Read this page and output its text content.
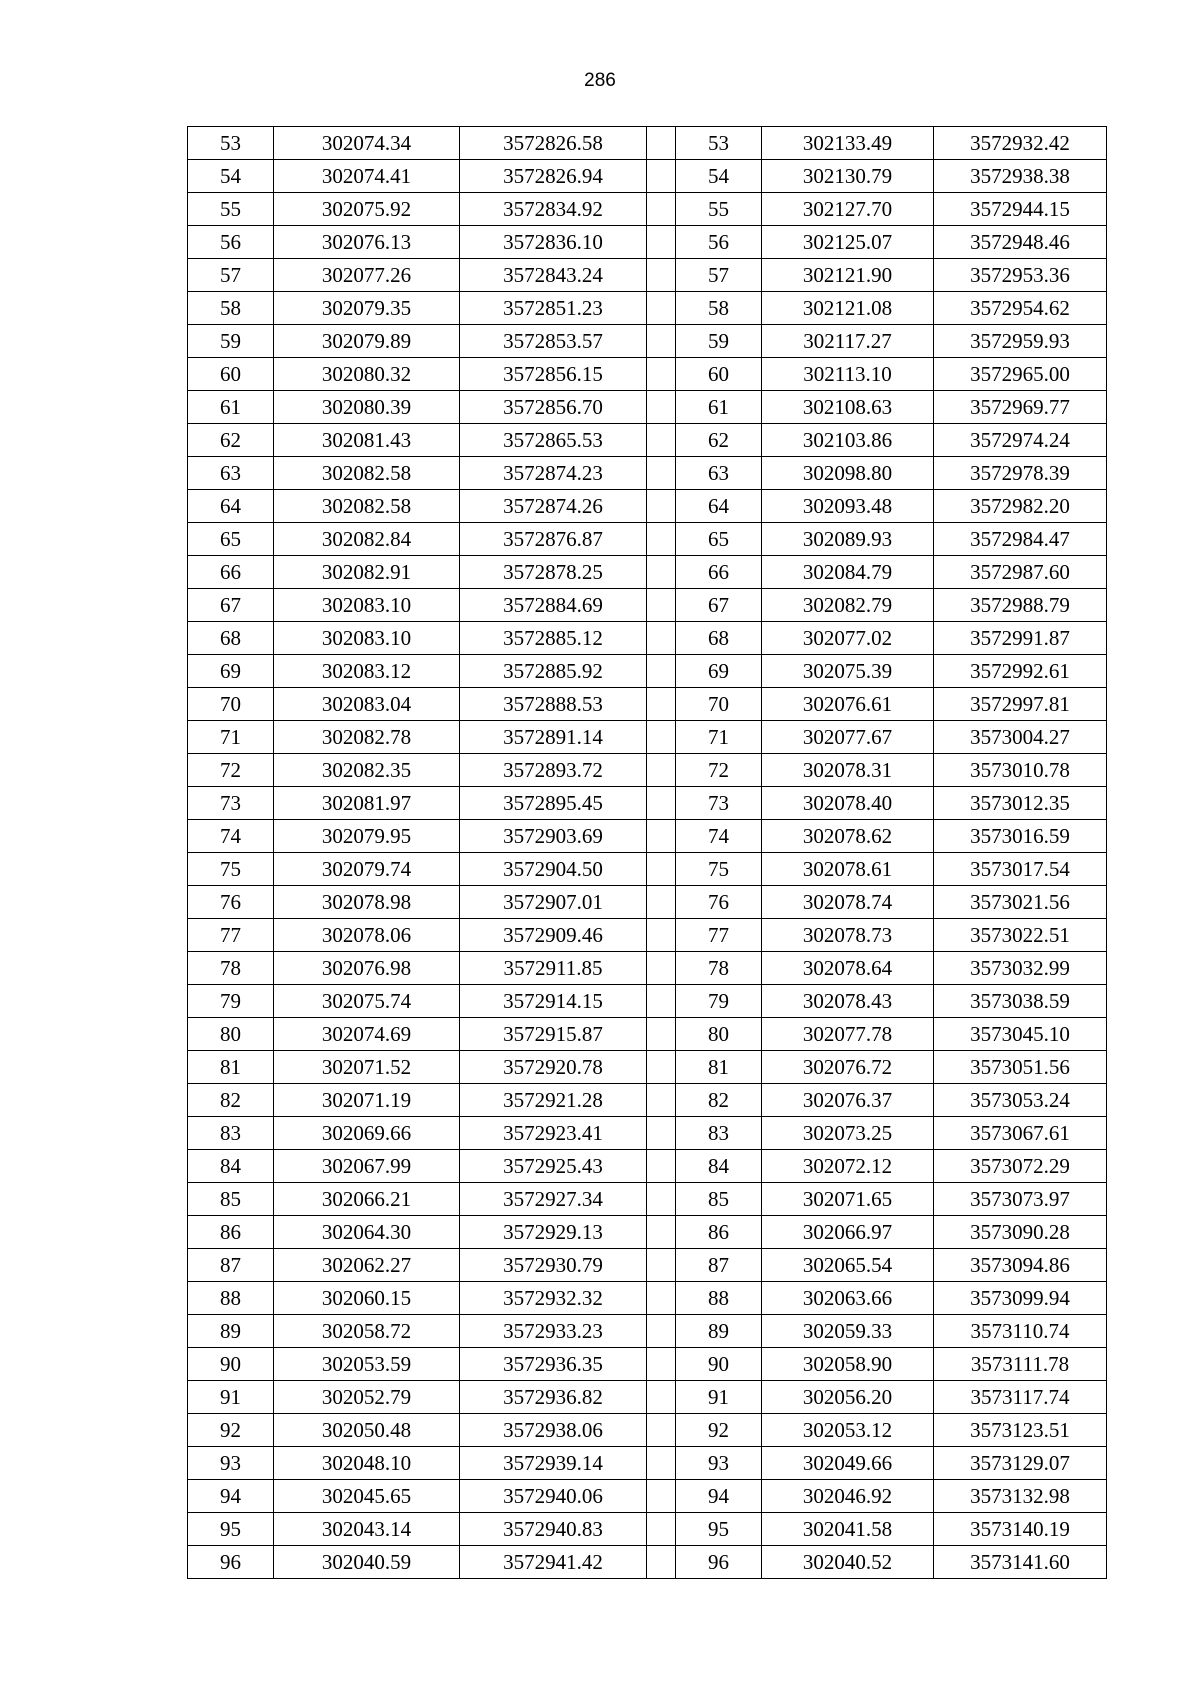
286
53	302074.34	3572826.58		53	302133.49	3572932.42
54	302074.41	3572826.94		54	302130.79	3572938.38
55	302075.92	3572834.92		55	302127.70	3572944.15
56	302076.13	3572836.10		56	302125.07	3572948.46
57	302077.26	3572843.24		57	302121.90	3572953.36
58	302079.35	3572851.23		58	302121.08	3572954.62
59	302079.89	3572853.57		59	302117.27	3572959.93
60	302080.32	3572856.15		60	302113.10	3572965.00
61	302080.39	3572856.70		61	302108.63	3572969.77
62	302081.43	3572865.53		62	302103.86	3572974.24
63	302082.58	3572874.23		63	302098.80	3572978.39
64	302082.58	3572874.26		64	302093.48	3572982.20
65	302082.84	3572876.87		65	302089.93	3572984.47
66	302082.91	3572878.25		66	302084.79	3572987.60
67	302083.10	3572884.69		67	302082.79	3572988.79
68	302083.10	3572885.12		68	302077.02	3572991.87
69	302083.12	3572885.92		69	302075.39	3572992.61
70	302083.04	3572888.53		70	302076.61	3572997.81
71	302082.78	3572891.14		71	302077.67	3573004.27
72	302082.35	3572893.72		72	302078.31	3573010.78
73	302081.97	3572895.45		73	302078.40	3573012.35
74	302079.95	3572903.69		74	302078.62	3573016.59
75	302079.74	3572904.50		75	302078.61	3573017.54
76	302078.98	3572907.01		76	302078.74	3573021.56
77	302078.06	3572909.46		77	302078.73	3573022.51
78	302076.98	3572911.85		78	302078.64	3573032.99
79	302075.74	3572914.15		79	302078.43	3573038.59
80	302074.69	3572915.87		80	302077.78	3573045.10
81	302071.52	3572920.78		81	302076.72	3573051.56
82	302071.19	3572921.28		82	302076.37	3573053.24
83	302069.66	3572923.41		83	302073.25	3573067.61
84	302067.99	3572925.43		84	302072.12	3573072.29
85	302066.21	3572927.34		85	302071.65	3573073.97
86	302064.30	3572929.13		86	302066.97	3573090.28
87	302062.27	3572930.79		87	302065.54	3573094.86
88	302060.15	3572932.32		88	302063.66	3573099.94
89	302058.72	3572933.23		89	302059.33	3573110.74
90	302053.59	3572936.35		90	302058.90	3573111.78
91	302052.79	3572936.82		91	302056.20	3573117.74
92	302050.48	3572938.06		92	302053.12	3573123.51
93	302048.10	3572939.14		93	302049.66	3573129.07
94	302045.65	3572940.06		94	302046.92	3573132.98
95	302043.14	3572940.83		95	302041.58	3573140.19
96	302040.59	3572941.42		96	302040.52	3573141.60
